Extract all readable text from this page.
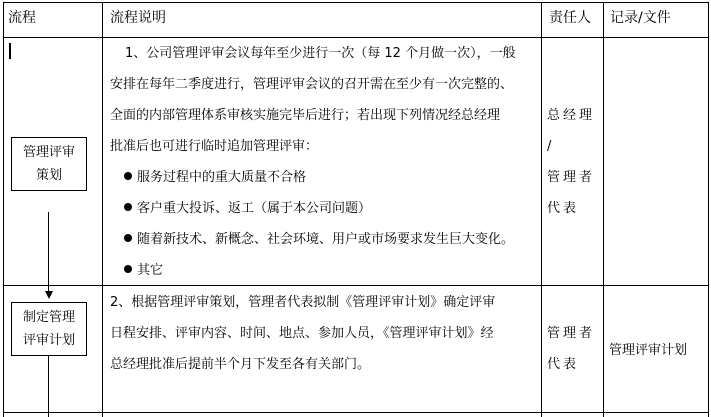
流程	流程说明	责任人 记录/文件
管理评审
策划
制定管理
评审计划
1、公司管理评审会议每年至少进行一次（每 12 个月做一次），一般
安排在每年二季度进行，管理评审会议的召开需在至少有一次完整的、
全面的内部管理体系审核实施完毕后进行；若出现下列情况经总经理
批准后也可进行临时追加管理评审：
服务过程中的重大质量不合格
客户重大投诉、返工（属于本公司问题）
随着新技术、新概念、社会环境、用户或市场要求发生巨大变化。
其它
总经理
/
管理者
代表
2、根据管理评审策划，管理者代表拟制《管理评审计划》确定评审
日程安排、评审内容、时间、地点、参加人员，《管理评审计划》经
总经理批准后提前半个月下发至各有关部门。
管理者
代表
管理评审计划
